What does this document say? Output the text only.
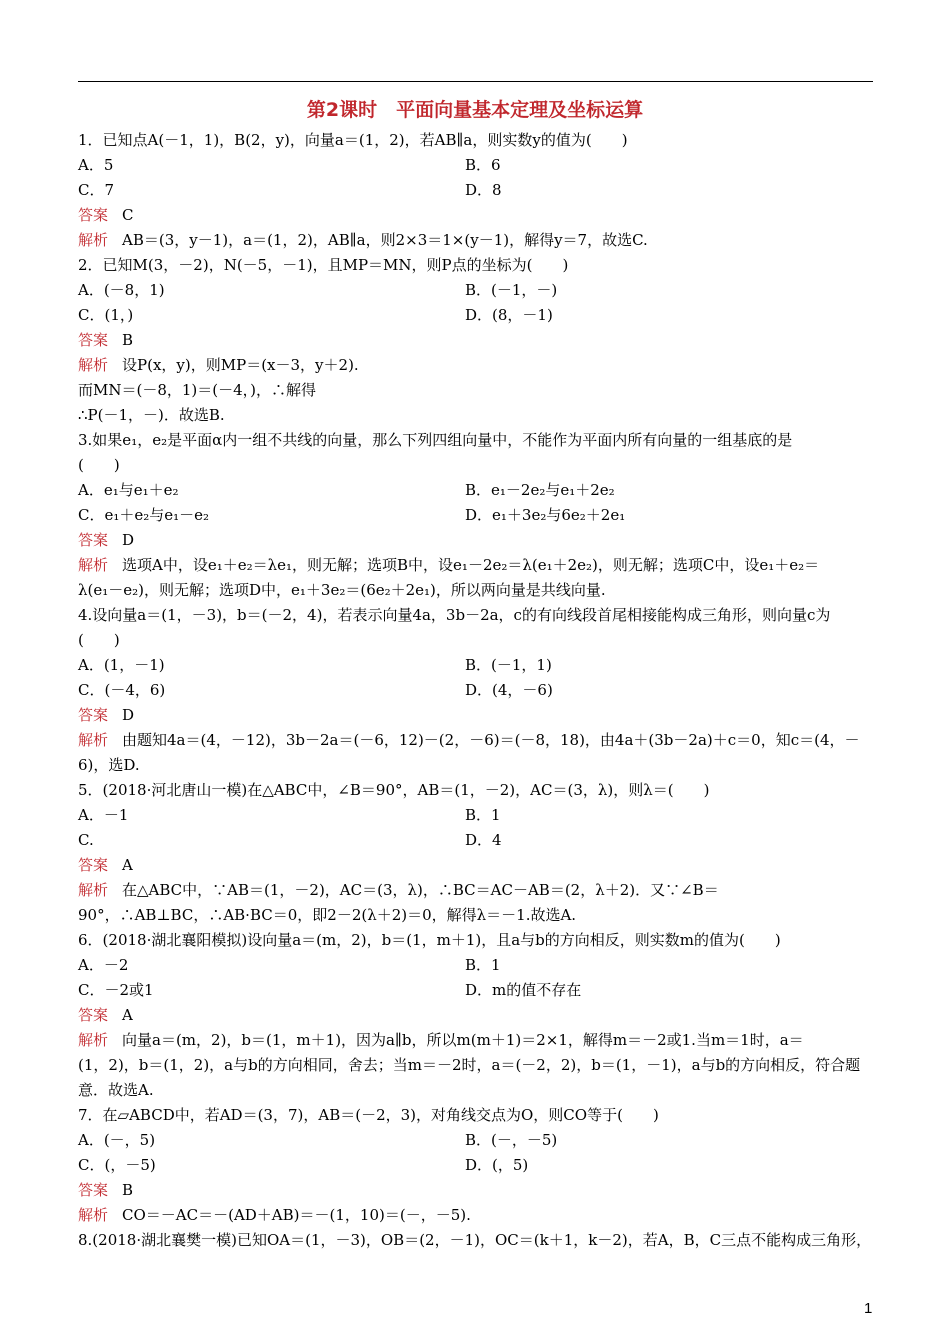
第2课时　平面向量基本定理及坐标运算
1．已知点A(－1，1)，B(2，y)，向量a＝(1，2)，若AB∥a，则实数y的值为(　　)
A．5	B．6
C．7	D．8
答案 C
解析 AB＝(3，y－1)，a＝(1，2)，AB∥a，则2×3＝1×(y－1)，解得y＝7，故选C.
2．已知M(3，－2)，N(－5，－1)，且MP＝MN，则P点的坐标为(　　)
A．(－8，1)	B．(－1，－)
C．(1，)	D．(8，－1)
答案 B
解析 设P(x，y)，则MP＝(x－3，y＋2).
而MN＝(－8，1)＝(－4，)，∴解得
∴P(－1，－)．故选B.
3.如果e₁，e₂是平面α内一组不共线的向量，那么下列四组向量中，不能作为平面内所有向量的一组基底的是
(　　)
A．e₁与e₁＋e₂	B．e₁－2e₂与e₁＋2e₂
C．e₁＋e₂与e₁－e₂	D．e₁＋3e₂与6e₂＋2e₁
答案 D
解析 选项A中，设e₁＋e₂＝λe₁，则无解；选项B中，设e₁－2e₂＝λ(e₁＋2e₂)，则无解；选项C中，设e₁＋e₂＝
λ(e₁－e₂)，则无解；选项D中，e₁＋3e₂＝(6e₂＋2e₁)，所以两向量是共线向量.
4.设向量a＝(1，－3)，b＝(－2，4)，若表示向量4a，3b－2a，c的有向线段首尾相接能构成三角形，则向量c为
(　　)
A．(1，－1)	B．(－1，1)
C．(－4，6)	D．(4，－6)
答案 D
解析 由题知4a＝(4，－12)，3b－2a＝(－6，12)－(2，－6)＝(－8，18)，由4a＋(3b－2a)＋c＝0，知c＝(4，－
6)，选D.
5．(2018·河北唐山一模)在△ABC中，∠B＝90°，AB＝(1，－2)，AC＝(3，λ)，则λ＝(　　)
A．－1	B．1
C.	D．4
答案 A
解析 在△ABC中，∵AB＝(1，－2)，AC＝(3，λ)，∴BC＝AC－AB＝(2，λ＋2)．又∵∠B＝
90°，∴AB⊥BC，∴AB·BC＝0，即2－2(λ＋2)＝0，解得λ＝－1.故选A.
6．(2018·湖北襄阳模拟)设向量a＝(m，2)，b＝(1，m＋1)，且a与b的方向相反，则实数m的值为(　　)
A．－2	B．1
C．－2或1	D．m的值不存在
答案 A
解析 向量a＝(m，2)，b＝(1，m＋1)，因为a∥b，所以m(m＋1)＝2×1，解得m＝－2或1.当m＝1时，a＝
(1，2)，b＝(1，2)，a与b的方向相同，舍去；当m＝－2时，a＝(－2，2)，b＝(1，－1)，a与b的方向相反，符合题
意．故选A.
7．在▱ABCD中，若AD＝(3，7)，AB＝(－2，3)，对角线交点为O，则CO等于(　　)
A．(－，5)	B．(－，－5)
C．(，－5)	D．(，5)
答案 B
解析 CO＝－AC＝－(AD＋AB)＝－(1，10)＝(－，－5).
8.(2018·湖北襄樊一模)已知OA＝(1，－3)，OB＝(2，－1)，OC＝(k＋1，k－2)，若A，B，C三点不能构成三角形，
1
